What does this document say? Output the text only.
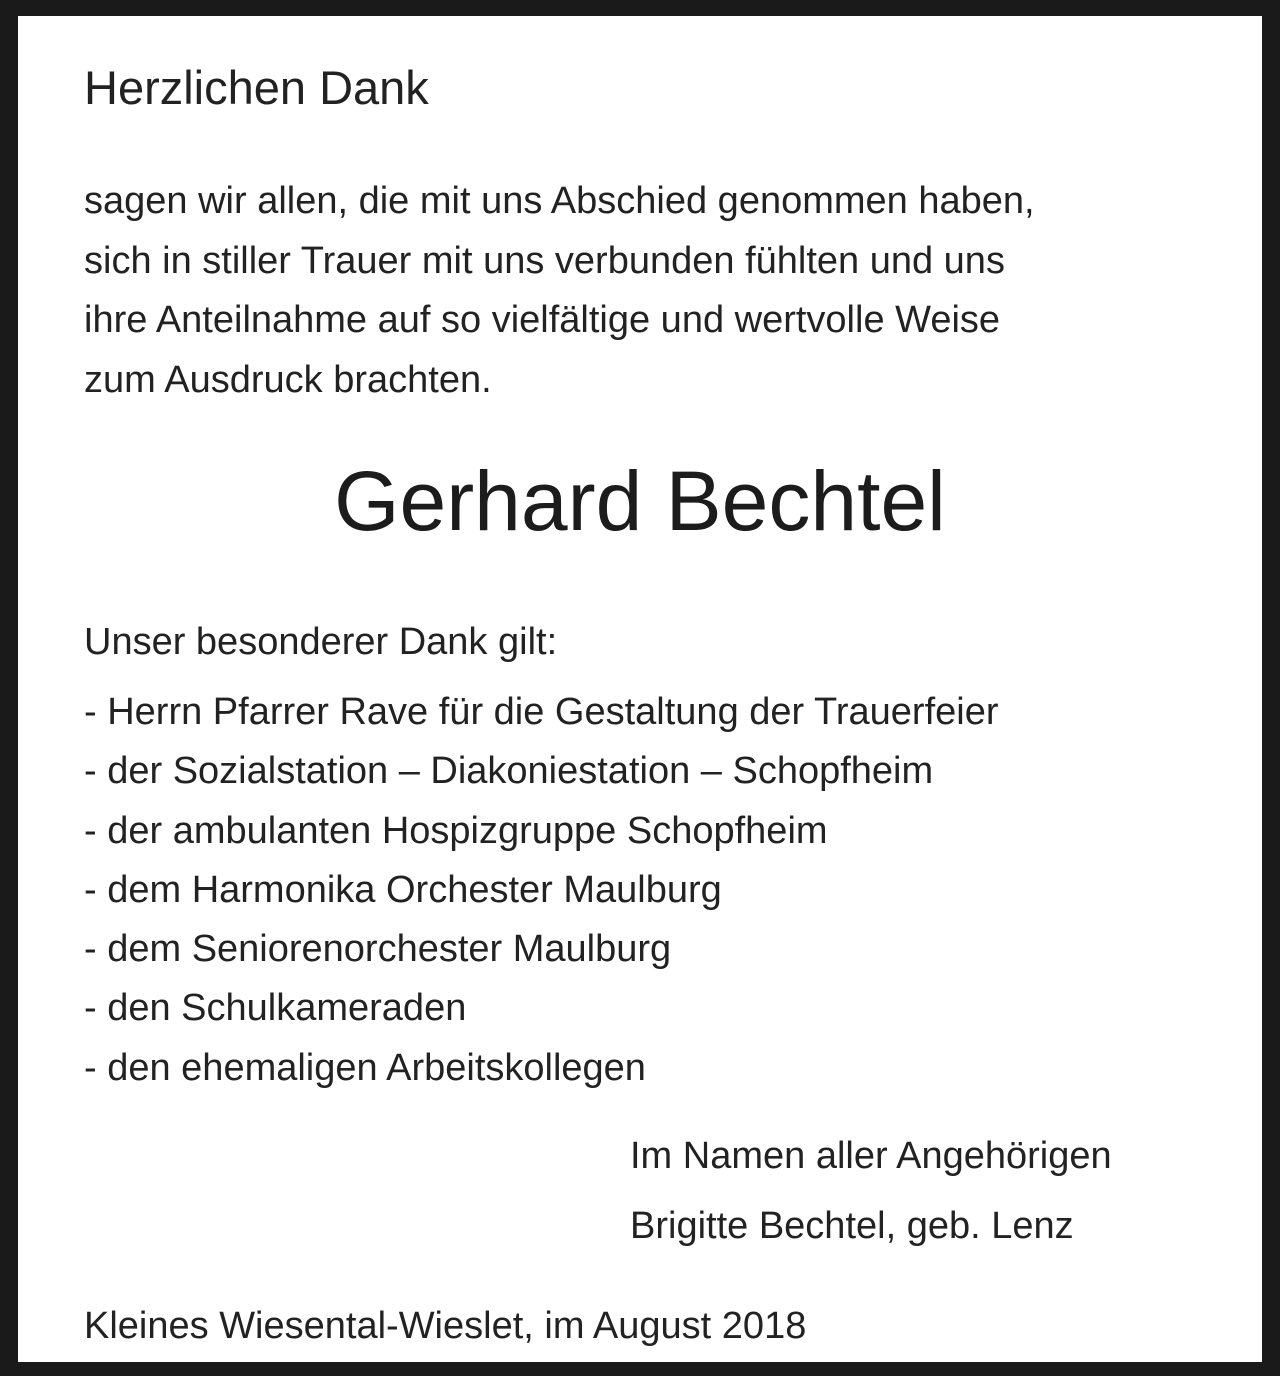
Herzlichen Dank

sagen wir allen, die mit uns Abschied genommen haben,
sich in stiller Trauer mit uns verbunden fühlten und uns
ihre Anteilnahme auf so vielfältige und wertvolle Weise
zum Ausdruck brachten.

Gerhard Bechtel

Unser besonderer Dank gilt:

- Herrn Pfarrer Rave für die Gestaltung der Trauerfeier
- der Sozialstation – Diakoniestation – Schopfheim
- der ambulanten Hospizgruppe Schopfheim
- dem Harmonika Orchester Maulburg
- dem Seniorenorchester Maulburg
- den Schulkameraden
- den ehemaligen Arbeitskollegen

Im Namen aller Angehörigen

Brigitte Bechtel, geb. Lenz

Kleines Wiesental-Wieslet, im August 2018
